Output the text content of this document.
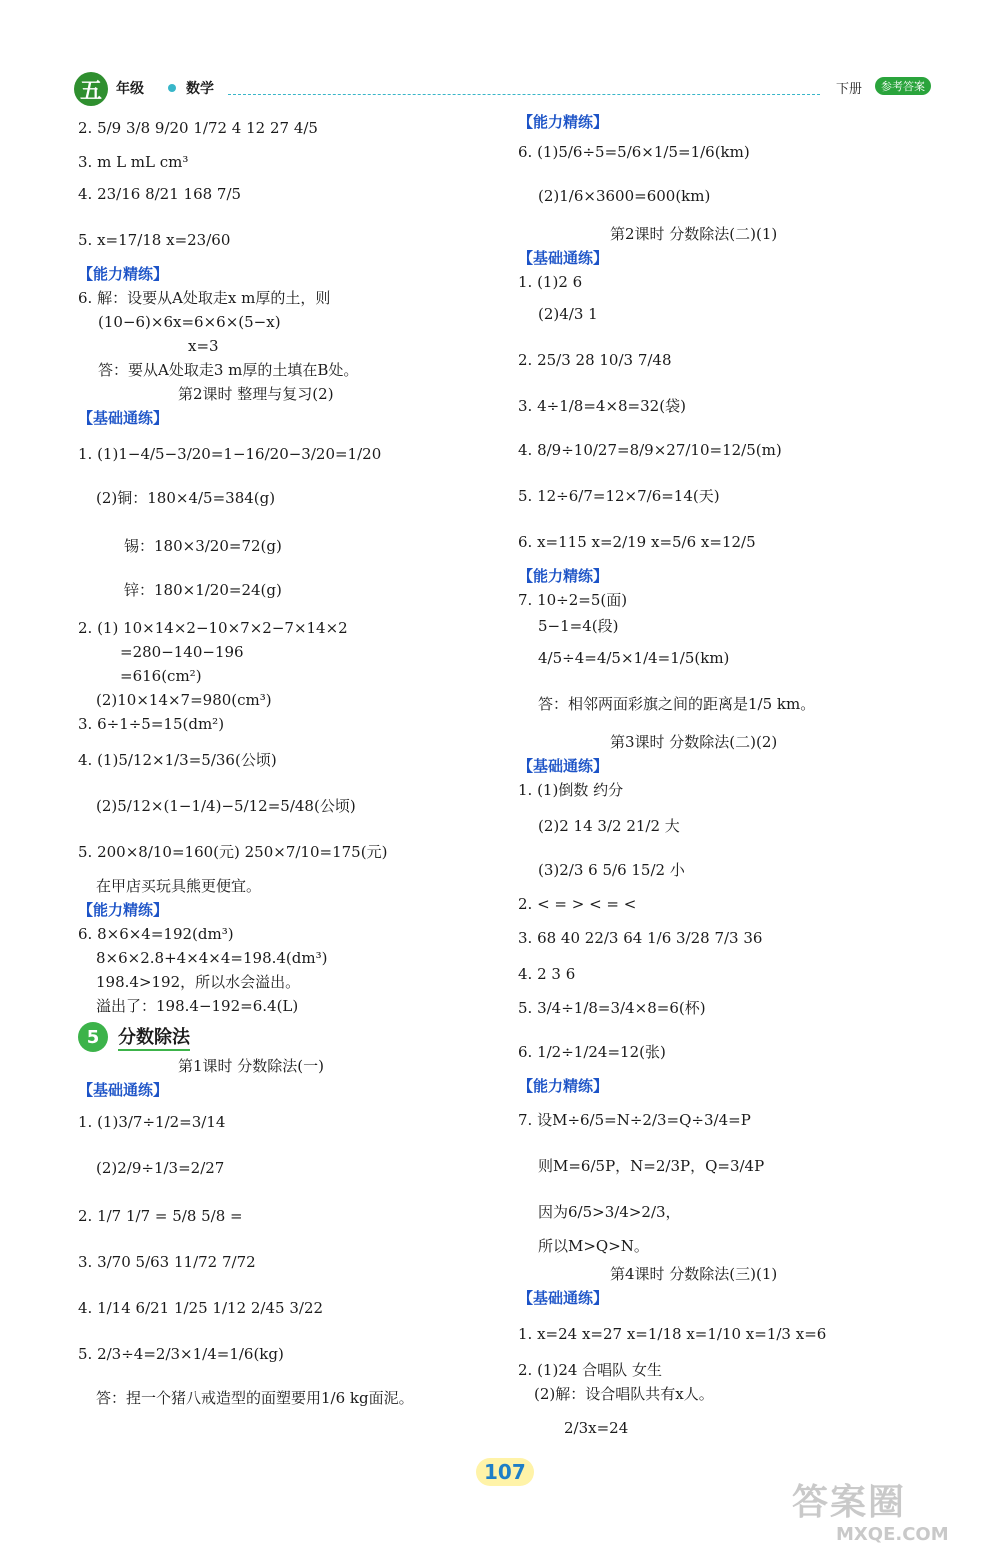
五	年级	数学	下册	参考答案
2. 5/9 3/8 9/20 1/72 4 12 27 4/5
3. m L mL cm³
4. 23/16 8/21 168 7/5
5. x=17/18 x=23/60
【能力精练】
6. 解：设要从A处取走x m厚的土，则
(10−6)×6x=6×6×(5−x)
x=3
答：要从A处取走3 m厚的土填在B处。
第2课时 整理与复习(2)
【基础通练】
1. (1)1−4/5−3/20=1−16/20−3/20=1/20
(2)铜：180×4/5=384(g)
锡：180×3/20=72(g)
锌：180×1/20=24(g)
2. (1) 10×14×2−10×7×2−7×14×2
=280−140−196
=616(cm²)
(2)10×14×7=980(cm³)
3. 6÷1÷5=15(dm²)
4. (1)5/12×1/3=5/36(公顷)
(2)5/12×(1−1/4)−5/12=5/48(公顷)
5. 200×8/10=160(元) 250×7/10=175(元)
在甲店买玩具熊更便宜。
【能力精练】
6. 8×6×4=192(dm³)
8×6×2.8+4×4×4=198.4(dm³)
198.4>192，所以水会溢出。
溢出了：198.4−192=6.4(L)
5	分数除法
第1课时 分数除法(一)
【基础通练】
1. (1)3/7÷1/2=3/14
(2)2/9÷1/3=2/27
2. 1/7 1/7 = 5/8 5/8 =
3. 3/70 5/63 11/72 7/72
4. 1/14 6/21 1/25 1/12 2/45 3/22
5. 2/3÷4=2/3×1/4=1/6(kg)
答：捏一个猪八戒造型的面塑要用1/6 kg面泥。
【能力精练】
6. (1)5/6÷5=5/6×1/5=1/6(km)
(2)1/6×3600=600(km)
第2课时 分数除法(二)(1)
【基础通练】
1. (1)2 6
(2)4/3 1
2. 25/3 28 10/3 7/48
3. 4÷1/8=4×8=32(袋)
4. 8/9÷10/27=8/9×27/10=12/5(m)
5. 12÷6/7=12×7/6=14(天)
6. x=115 x=2/19 x=5/6 x=12/5
【能力精练】
7. 10÷2=5(面)
5−1=4(段)
4/5÷4=4/5×1/4=1/5(km)
答：相邻两面彩旗之间的距离是1/5 km。
第3课时 分数除法(二)(2)
【基础通练】
1. (1)倒数 约分
(2)2 14 3/2 21/2 大
(3)2/3 6 5/6 15/2 小
2. < = > < = <
3. 68 40 22/3 64 1/6 3/28 7/3 36
4. 2 3 6
5. 3/4÷1/8=3/4×8=6(杯)
6. 1/2÷1/24=12(张)
【能力精练】
7. 设M÷6/5=N÷2/3=Q÷3/4=P
则M=6/5P，N=2/3P，Q=3/4P
因为6/5>3/4>2/3，
所以M>Q>N。
第4课时 分数除法(三)(1)
【基础通练】
1. x=24 x=27 x=1/18 x=1/10 x=1/3 x=6
2. (1)24 合唱队 女生
(2)解：设合唱队共有x人。
2/3x=24
107
答案圈
MXQE.COM
